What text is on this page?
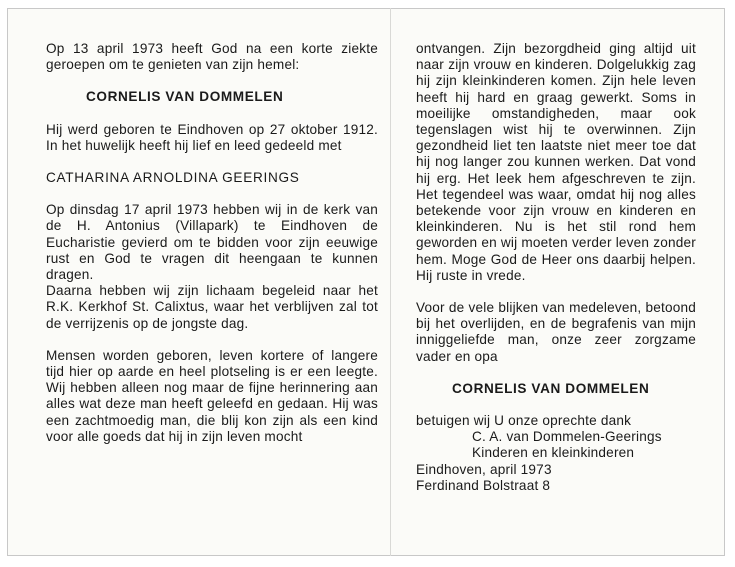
Op 13 april 1973 heeft God na een korte ziekte geroepen om te genieten van zijn hemel:

CORNELIS VAN DOMMELEN

Hij werd geboren te Eindhoven op 27 oktober 1912. In het huwelijk heeft hij lief en leed gedeeld met

CATHARINA ARNOLDINA GEERINGS

Op dinsdag 17 april 1973 hebben wij in de kerk van de H. Antonius (Villapark) te Eindhoven de Eucharistie gevierd om te bidden voor zijn eeuwige rust en God te vragen dit heengaan te kunnen dragen.

Daarna hebben wij zijn lichaam begeleid naar het R.K. Kerkhof St. Calixtus, waar het verblijven zal tot de verrijzenis op de jongste dag.

Mensen worden geboren, leven kortere of langere tijd hier op aarde en heel plotseling is er een leegte. Wij hebben alleen nog maar de fijne herinnering aan alles wat deze man heeft geleefd en gedaan. Hij was een zachtmoedig man, die blij kon zijn als een kind voor alle goeds dat hij in zijn leven mocht

ontvangen. Zijn bezorgdheid ging altijd uit naar zijn vrouw en kinderen. Dolgelukkig zag hij zijn kleinkinderen komen. Zijn hele leven heeft hij hard en graag gewerkt. Soms in moeilijke omstandigheden, maar ook tegenslagen wist hij te overwinnen. Zijn gezondheid liet ten laatste niet meer toe dat hij nog langer zou kunnen werken. Dat vond hij erg. Het leek hem afgeschreven te zijn. Het tegendeel was waar, omdat hij nog alles betekende voor zijn vrouw en kinderen en kleinkinderen. Nu is het stil rond hem geworden en wij moeten verder leven zonder hem. Moge God de Heer ons daarbij helpen. Hij ruste in vrede.

Voor de vele blijken van medeleven, betoond bij het overlijden, en de begrafenis van mijn inniggeliefde man, onze zeer zorgzame vader en opa

CORNELIS VAN DOMMELEN

betuigen wij U onze oprechte dank

C. A. van Dommelen-Geerings

Kinderen en kleinkinderen

Eindhoven, april 1973

Ferdinand Bolstraat 8
